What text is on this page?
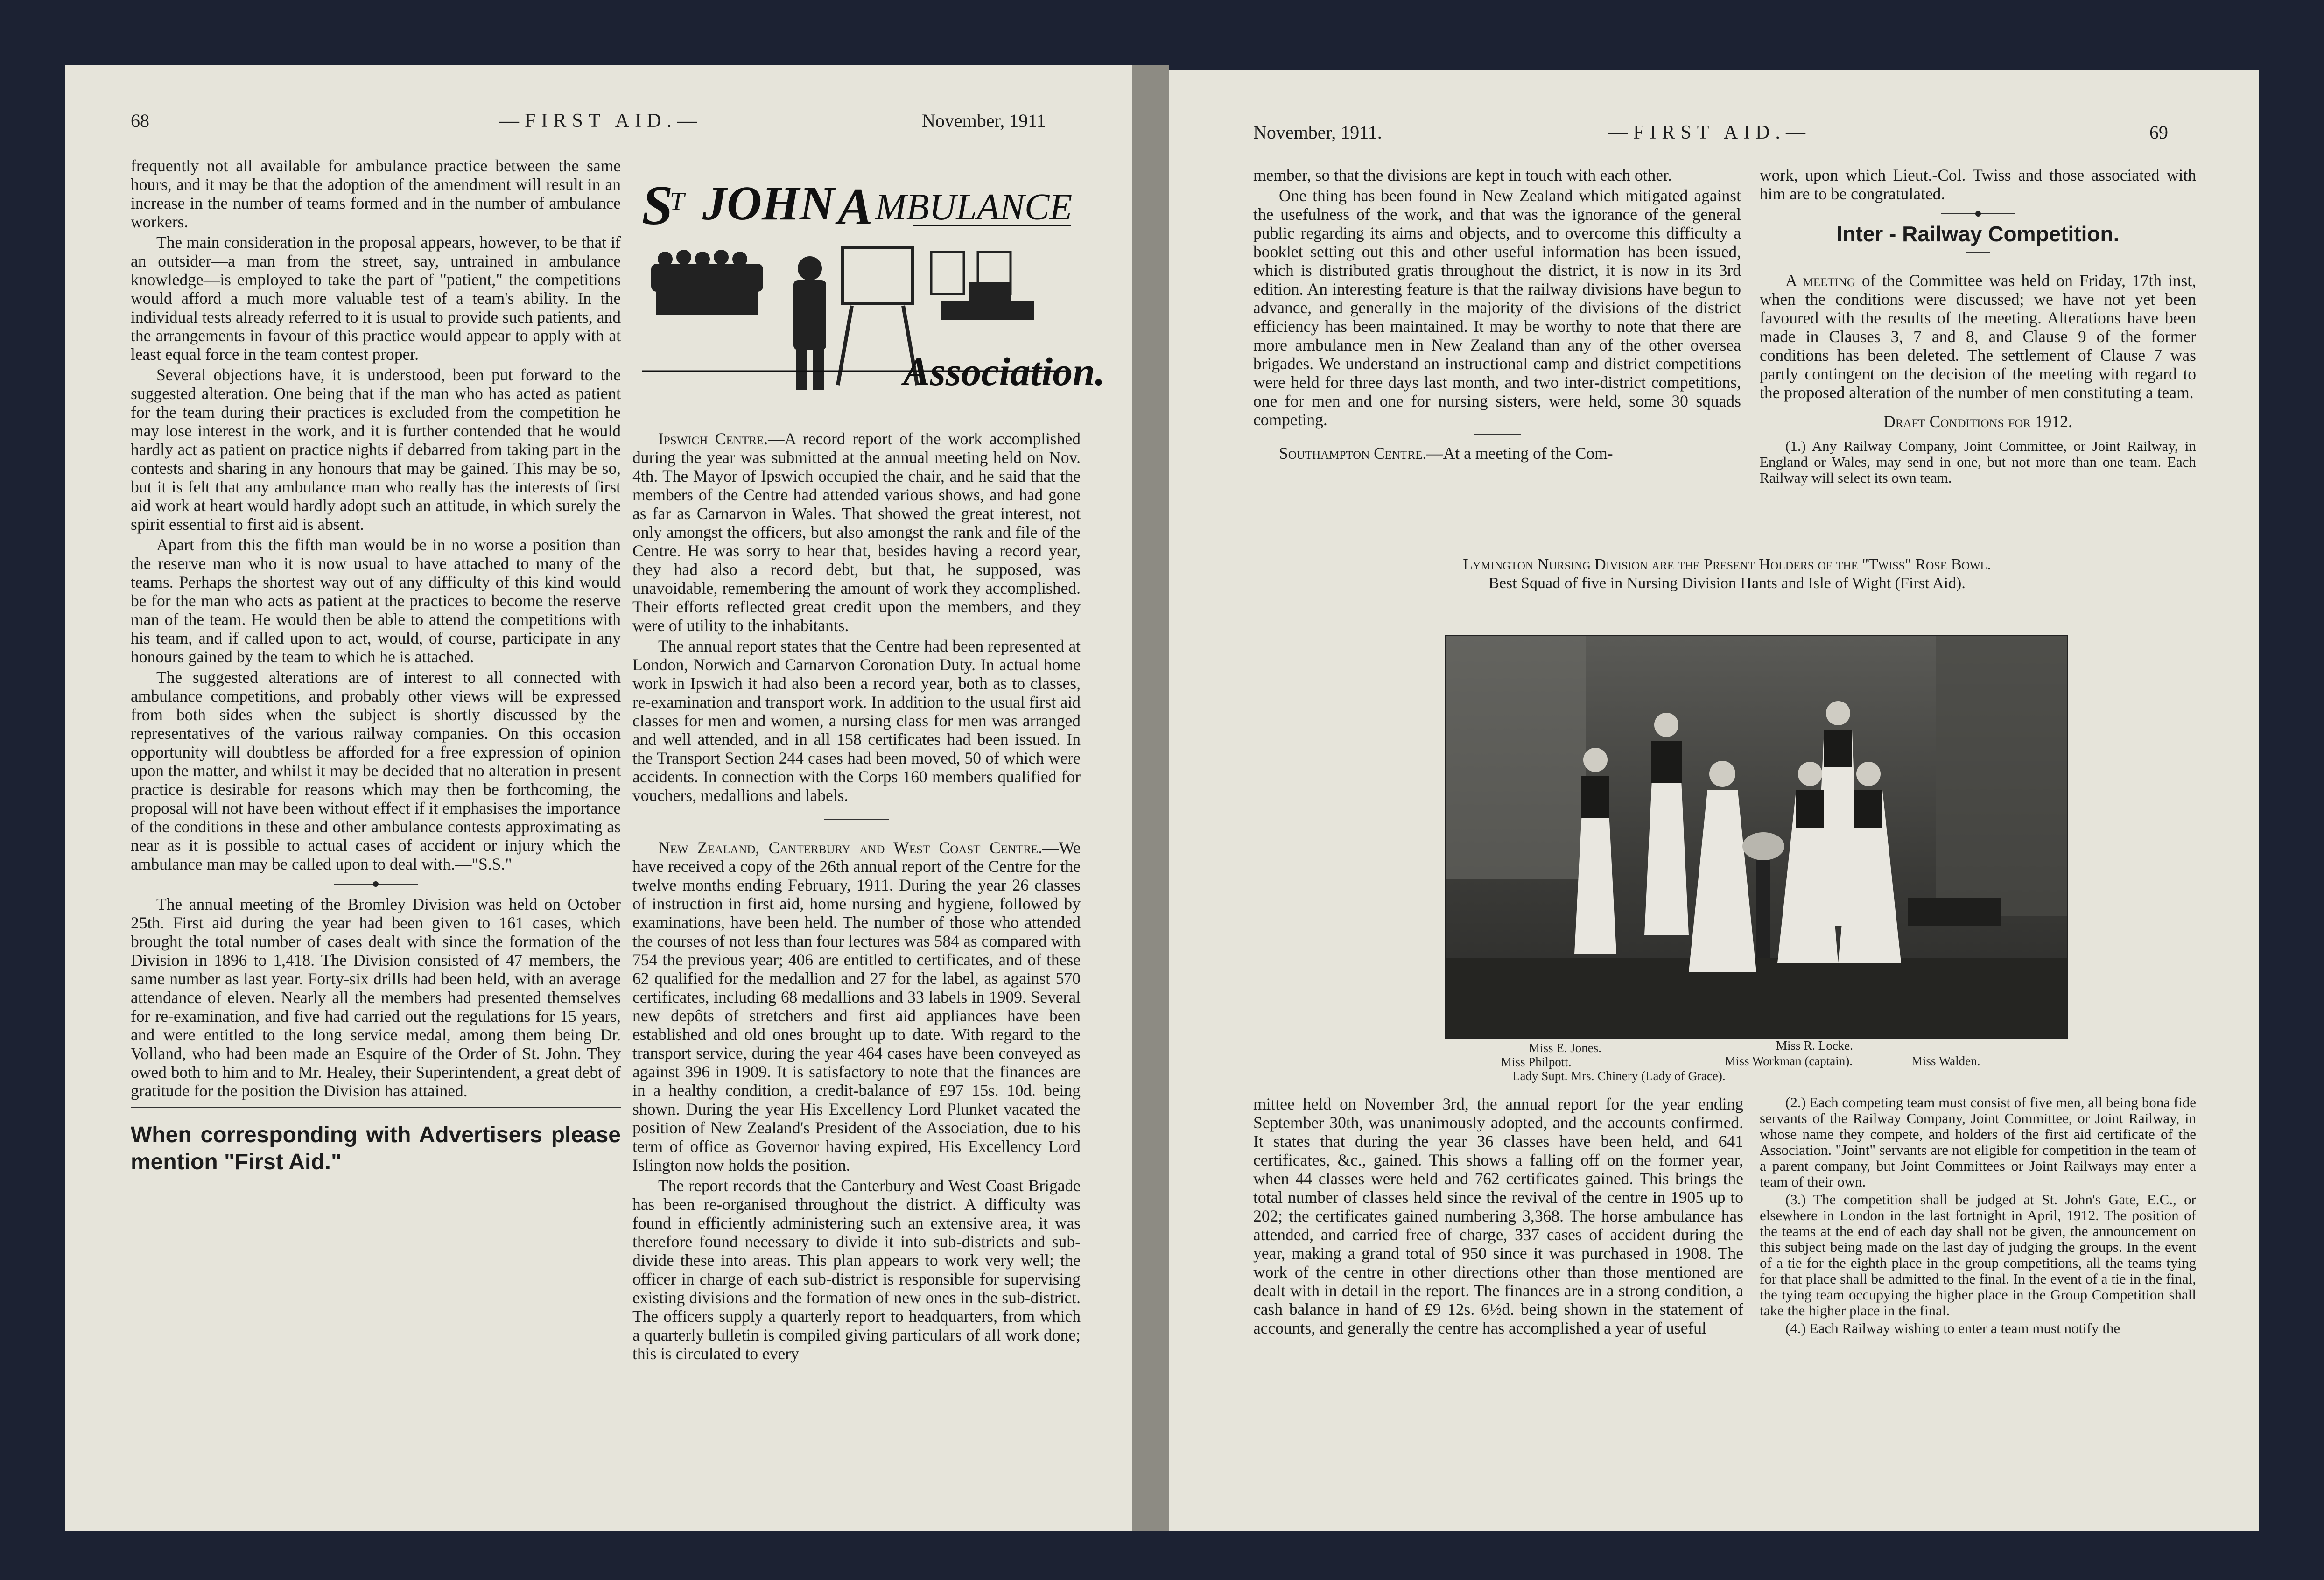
68	—FIRST AID.—	November, 1911

frequently not all available for ambulance practice between the same hours, and it may be that the adoption of the amendment will result in an increase in the number of teams formed and in the number of ambulance workers.

The main consideration in the proposal appears, however, to be that if an outsider—a man from the street, say, untrained in ambulance knowledge—is employed to take the part of "patient," the competitions would afford a much more valuable test of a team's ability. In the individual tests already referred to it is usual to provide such patients, and the arrangements in favour of this practice would appear to apply with at least equal force in the team contest proper.

Several objections have, it is understood, been put forward to the suggested alteration. One being that if the man who has acted as patient for the team during their practices is excluded from the competition he may lose interest in the work, and it is further contended that he would hardly act as patient on practice nights if debarred from taking part in the contests and sharing in any honours that may be gained. This may be so, but it is felt that any ambulance man who really has the interests of first aid work at heart would hardly adopt such an attitude, in which surely the spirit essential to first aid is absent.

Apart from this the fifth man would be in no worse a position than the reserve man who it is now usual to have attached to many of the teams. Perhaps the shortest way out of any difficulty of this kind would be for the man who acts as patient at the practices to become the reserve man of the team. He would then be able to attend the competitions with his team, and if called upon to act, would, of course, participate in any honours gained by the team to which he is attached.

The suggested alterations are of interest to all connected with ambulance competitions, and probably other views will be expressed from both sides when the subject is shortly discussed by the representatives of the various railway companies. On this occasion opportunity will doubtless be afforded for a free expression of opinion upon the matter, and whilst it may be decided that no alteration in present practice is desirable for reasons which may then be forthcoming, the proposal will not have been without effect if it emphasises the importance of the conditions in these and other ambulance contests approximating as near as it is possible to actual cases of accident or injury which the ambulance man may be called upon to deal with.—"S.S."

The annual meeting of the Bromley Division was held on October 25th. First aid during the year had been given to 161 cases, which brought the total number of cases dealt with since the formation of the Division in 1896 to 1,418. The Division consisted of 47 members, the same number as last year. Forty-six drills had been held, with an average attendance of eleven. Nearly all the members had presented themselves for re-examination, and five had carried out the regulations for 15 years, and were entitled to the long service medal, among them being Dr. Volland, who had been made an Esquire of the Order of St. John. They owed both to him and to Mr. Healey, their Superintendent, a great debt of gratitude for the position the Division has attained.

When corresponding with Advertisers please mention "First Aid."
S
T JOHN A MBULANCE
Association.

Ipswich Centre.—A record report of the work accomplished during the year was submitted at the annual meeting held on Nov. 4th. The Mayor of Ipswich occupied the chair, and he said that the members of the Centre had attended various shows, and had gone as far as Carnarvon in Wales. That showed the great interest, not only amongst the officers, but also amongst the rank and file of the Centre. He was sorry to hear that, besides having a record year, they had also a record debt, but that, he supposed, was unavoidable, remembering the amount of work they accomplished. Their efforts reflected great credit upon the members, and they were of utility to the inhabitants.

The annual report states that the Centre had been represented at London, Norwich and Carnarvon Coronation Duty. In actual home work in Ipswich it had also been a record year, both as to classes, re-examination and transport work. In addition to the usual first aid classes for men and women, a nursing class for men was arranged and well attended, and in all 158 certificates had been issued. In the Transport Section 244 cases had been moved, 50 of which were accidents. In connection with the Corps 160 members qualified for vouchers, medallions and labels.

New Zealand, Canterbury and West Coast Centre.—We have received a copy of the 26th annual report of the Centre for the twelve months ending February, 1911. During the year 26 classes of instruction in first aid, home nursing and hygiene, followed by examinations, have been held. The number of those who attended the courses of not less than four lectures was 584 as compared with 754 the previous year; 406 are entitled to certificates, and of these 62 qualified for the medallion and 27 for the label, as against 570 certificates, including 68 medallions and 33 labels in 1909. Several new depôts of stretchers and first aid appliances have been established and old ones brought up to date. With regard to the transport service, during the year 464 cases have been conveyed as against 396 in 1909. It is satisfactory to note that the finances are in a healthy condition, a credit-balance of £97 15s. 10d. being shown. During the year His Excellency Lord Plunket vacated the position of New Zealand's President of the Association, due to his term of office as Governor having expired, His Excellency Lord Islington now holds the position.

The report records that the Canterbury and West Coast Brigade has been re-organised throughout the district. A difficulty was found in efficiently administering such an extensive area, it was therefore found necessary to divide it into sub-districts and sub-divide these into areas. This plan appears to work very well; the officer in charge of each sub-district is responsible for supervising existing divisions and the formation of new ones in the sub-district. The officers supply a quarterly report to headquarters, from which a quarterly bulletin is compiled giving particulars of all work done; this is circulated to every

November, 1911.	—FIRST AID.—	69

member, so that the divisions are kept in touch with each other.

One thing has been found in New Zealand which mitigated against the usefulness of the work, and that was the ignorance of the general public regarding its aims and objects, and to overcome this difficulty a booklet setting out this and other useful information has been issued, which is distributed gratis throughout the district, it is now in its 3rd edition. An interesting feature is that the railway divisions have begun to advance, and generally in the majority of the divisions of the district efficiency has been maintained. It may be worthy to note that there are more ambulance men in New Zealand than any of the other oversea brigades. We understand an instructional camp and district competitions were held for three days last month, and two inter-district competitions, one for men and one for nursing sisters, were held, some 30 squads competing.

Southampton Centre.—At a meeting of the Com-

work, upon which Lieut.-Col. Twiss and those associated with him are to be congratulated.

Inter - Railway Competition.

A meeting of the Committee was held on Friday, 17th inst, when the conditions were discussed; we have not yet been favoured with the results of the meeting. Alterations have been made in Clauses 3, 7 and 8, and Clause 9 of the former conditions has been deleted. The settlement of Clause 7 was partly contingent on the decision of the meeting with regard to the proposed alteration of the number of men constituting a team.

Draft Conditions for 1912.

(1.) Any Railway Company, Joint Committee, or Joint Railway, in England or Wales, may send in one, but not more than one team. Each Railway will select its own team.

Lymington Nursing Division are the Present Holders of the "Twiss" Rose Bowl.
Best Squad of five in Nursing Division Hants and Isle of Wight (First Aid).
Miss E. Jones.	Miss R. Locke.
Miss Philpott.	Miss Workman (captain).	Miss Walden.
Lady Supt. Mrs. Chinery (Lady of Grace).

mittee held on November 3rd, the annual report for the year ending September 30th, was unanimously adopted, and the accounts confirmed. It states that during the year 36 classes have been held, and 641 certificates, &c., gained. This shows a falling off on the former year, when 44 classes were held and 762 certificates gained. This brings the total number of classes held since the revival of the centre in 1905 up to 202; the certificates gained numbering 3,368. The horse ambulance has attended, and carried free of charge, 337 cases of accident during the year, making a grand total of 950 since it was purchased in 1908. The work of the centre in other directions other than those mentioned are dealt with in detail in the report. The finances are in a strong condition, a cash balance in hand of £9 12s. 6½d. being shown in the statement of accounts, and generally the centre has accomplished a year of useful

(2.) Each competing team must consist of five men, all being bona fide servants of the Railway Company, Joint Committee, or Joint Railway, in whose name they compete, and holders of the first aid certificate of the Association. "Joint" servants are not eligible for competition in the team of a parent company, but Joint Committees or Joint Railways may enter a team of their own.

(3.) The competition shall be judged at St. John's Gate, E.C., or elsewhere in London in the last fortnight in April, 1912. The position of the teams at the end of each day shall not be given, the announcement on this subject being made on the last day of judging the groups. In the event of a tie for the eighth place in the group competitions, all the teams tying for that place shall be admitted to the final. In the event of a tie in the final, the tying team occupying the higher place in the Group Competition shall take the higher place in the final.

(4.) Each Railway wishing to enter a team must notify the
